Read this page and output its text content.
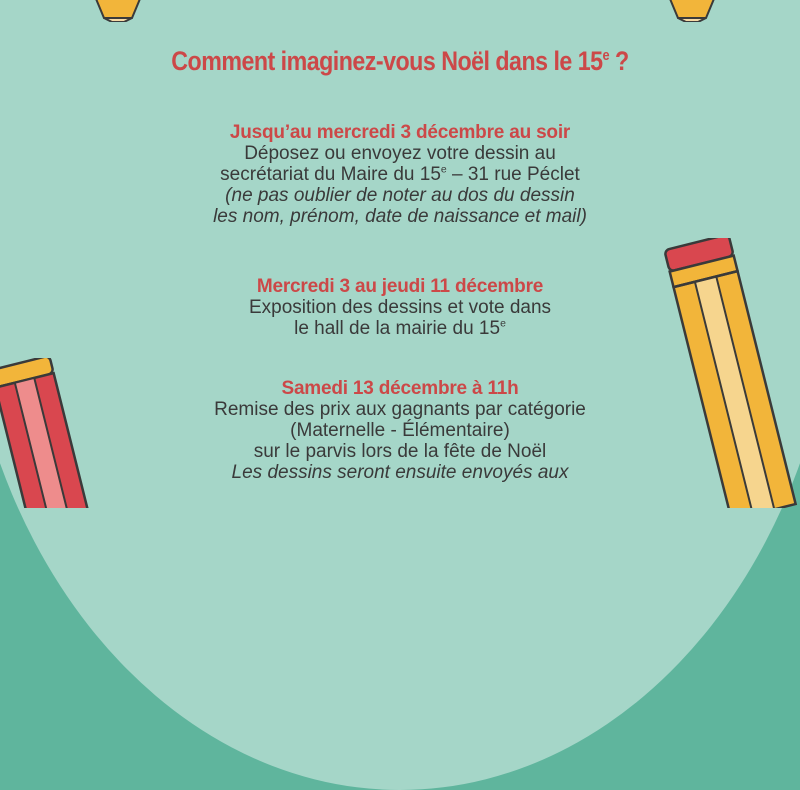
Comment imaginez-vous Noël dans le 15e ?
Jusqu’au mercredi 3 décembre au soir
Déposez ou envoyez votre dessin au
secrétariat du Maire du 15e – 31 rue Péclet
(ne pas oublier de noter au dos du dessin
les nom, prénom, date de naissance et mail)
Mercredi 3 au jeudi 11 décembre
Exposition des dessins et vote dans
le hall de la mairie du 15e
Samedi 13 décembre à 11h
Remise des prix aux gagnants par catégorie
(Maternelle - Élémentaire)
sur le parvis lors de la fête de Noël
Les dessins seront ensuite envoyés aux
